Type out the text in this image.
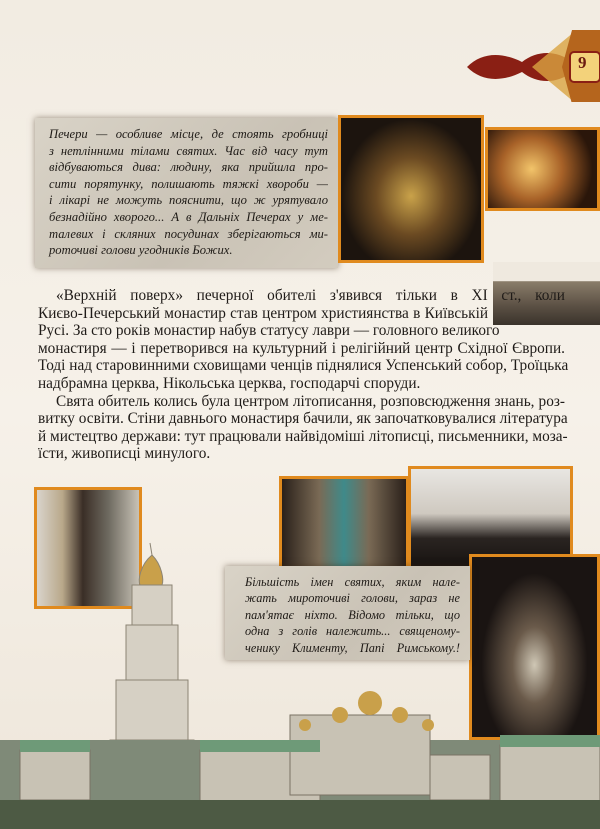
9
Печери — особливе місце, де стоять гробниці
з нетлінними тілами святих. Час від часу тут
відбуваються дива: людину, яка прийшла про-
сити порятунку, полишають тяжкі хвороби —
і лікарі не можуть пояснити, що ж урятувало
безнадійно хворого... А в Дальніх Печерах у ме-
талевих і скляних посудинах зберігаються ми-
роточиві голови угодників Божих.
«Верхній поверх» печерної обителі з'явився тільки в XI ст., коли
Києво-Печерський монастир став центром християнства в Київській
Русі. За сто років монастир набув статусу лаври — головного великого
монастиря — і перетворився на культурний і релігійний центр Східної Європи.
Тоді над старовинними сховищами ченців піднялися Успенський собор, Троїцька
надбрамна церква, Нікольська церква, господарчі споруди.
Свята обитель колись була центром літописання, розповсюдження знань, роз-
витку освіти. Стіни давнього монастиря бачили, як започатковувалися література
й мистецтво держави: тут працювали найвідоміші літописці, письменники, моза-
їсти, живописці минулого.
Більшість імен святих, яким нале-
жать мироточиві голови, зараз не
пам'ятає ніхто. Відомо тільки, що
одна з голів належить... священому-
ченику Клименту, Папі Римському.!
